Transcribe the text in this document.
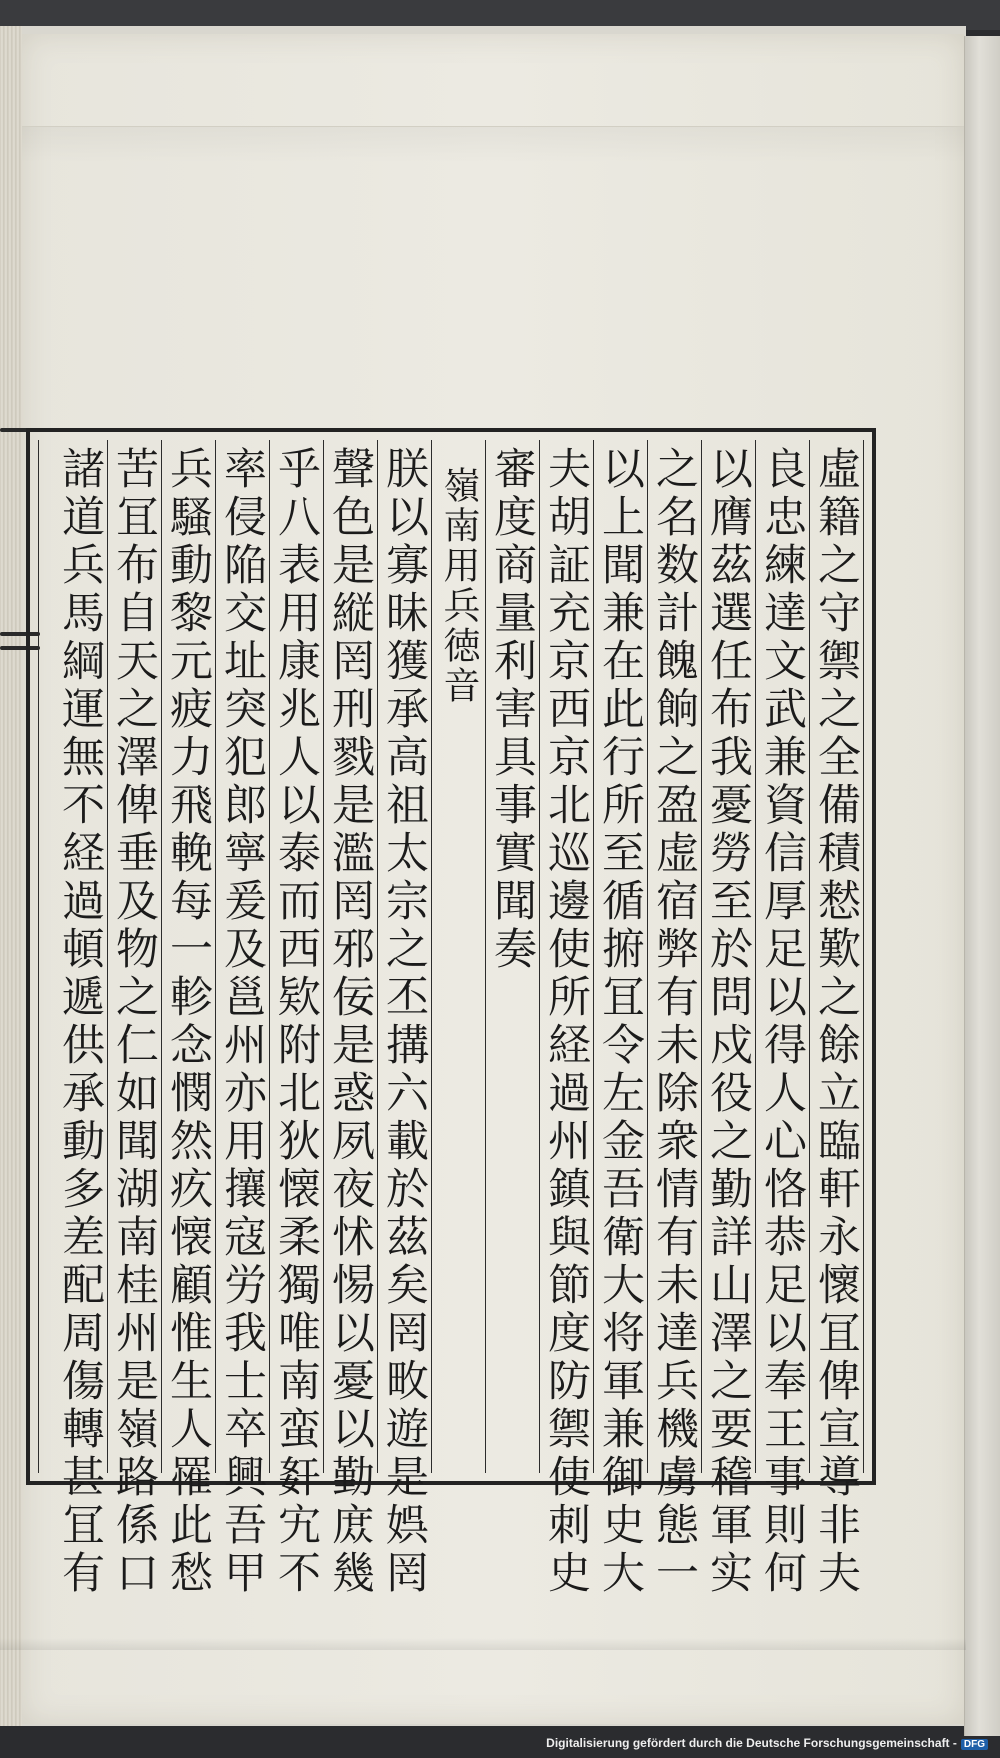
虛籍之守禦之全備積慭歎之餘立臨軒永懷冝俾宣導非夫
良忠練達文武兼資信厚足以得人心恪恭足以奉王事則何
以膺茲選任布我憂勞至於問戍役之勤詳山澤之要稽軍实
之名数計餽餉之盈虚宿弊有未除衆情有未達兵機虜態一
以上聞兼在此行所至循捬冝令左金吾衛大将軍兼御史大
夫胡証充京西京北巡邊使所経過州鎮與節度防禦使刺史
審度商量利害具事實聞奏
嶺南用兵徳音
朕以寡昧獲承高祖太宗之丕搆六載於茲矣罔畋遊是娯罔
聲色是縦罔刑戮是濫罔邪佞是惑夙夜怵惕以憂以勤庻幾
乎八表用康兆人以泰而西欵附北狄懐柔獨唯南蛮姧宄不
率侵陥交址突犯郎寧爰及邕州亦用攘寇労我士卒興吾甲
兵騷動黎元疲力飛輓每一軫念憫然疚懐顧惟生人罹此愁
苦冝布自天之澤俾垂及物之仁如聞湖南桂州是嶺路係口
諸道兵馬綱運無不経過頓遞供承動多差配周傷轉甚冝有
Digitalisierung gefördert durch die Deutsche Forschungsgemeinschaft - DFG
